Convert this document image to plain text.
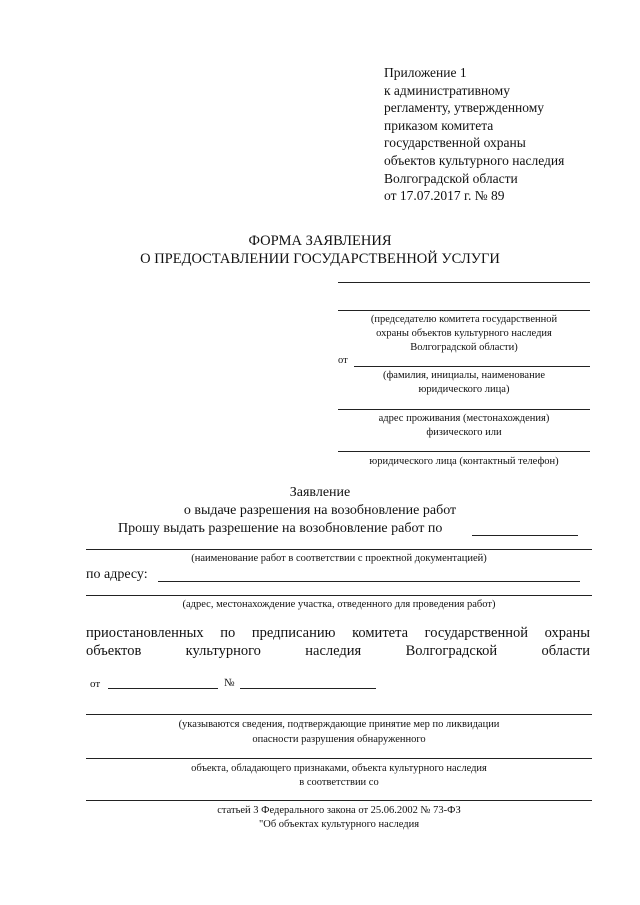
Приложение 1
к административному
регламенту, утвержденному
приказом комитета
государственной охраны
объектов культурного наследия
Волгоградской области
от 17.07.2017 г. № 89
ФОРМА ЗАЯВЛЕНИЯ
О ПРЕДОСТАВЛЕНИИ ГОСУДАРСТВЕННОЙ УСЛУГИ
(председателю комитета государственной
охраны объектов культурного наследия
Волгоградской области)
от
(фамилия, инициалы, наименование
юридического лица)
адрес проживания (местонахождения)
физического или
юридического лица (контактный телефон)
Заявление
о выдаче разрешения на возобновление работ
Прошу выдать разрешение на возобновление работ по
(наименование работ в соответствии с проектной документацией)
по адресу:
(адрес, местонахождение участка, отведенного для проведения работ)
приостановленных по предписанию комитета государственной охраны
объектов культурного наследия Волгоградской области
от	№
(указываются сведения, подтверждающие принятие мер по ликвидации
опасности разрушения обнаруженного
объекта, обладающего признаками, объекта культурного наследия
в соответствии со
статьей 3 Федерального закона от 25.06.2002 № 73-ФЗ
"Об объектах культурного наследия
